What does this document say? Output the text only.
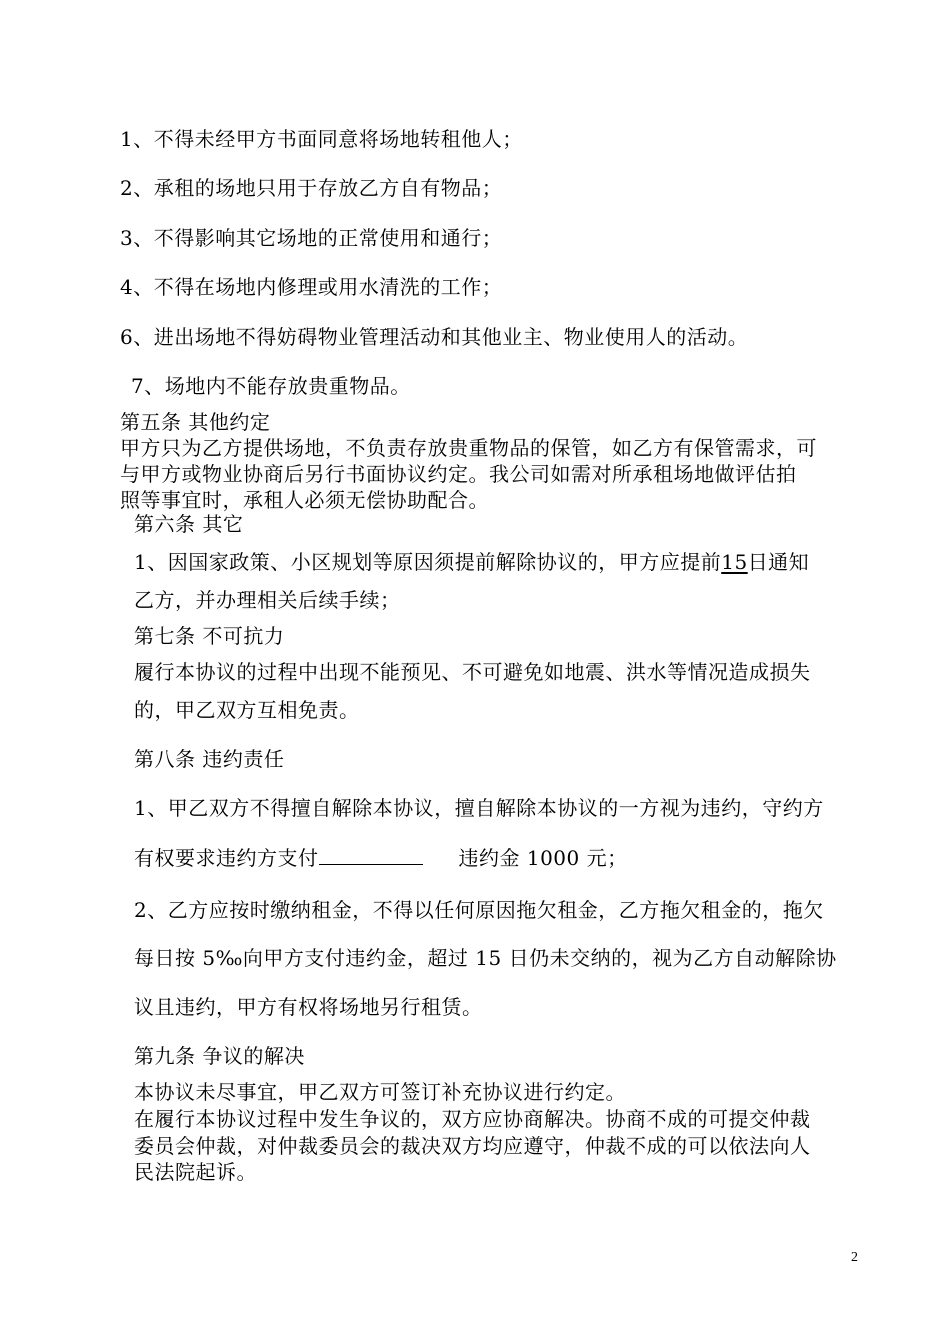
1、不得未经甲方书面同意将场地转租他人；
2、承租的场地只用于存放乙方自有物品；
3、不得影响其它场地的正常使用和通行；
4、不得在场地内修理或用水清洗的工作；
6、进出场地不得妨碍物业管理活动和其他业主、物业使用人的活动。
7、场地内不能存放贵重物品。
第五条 其他约定
甲方只为乙方提供场地，不负责存放贵重物品的保管，如乙方有保管需求，可
与甲方或物业协商后另行书面协议约定。我公司如需对所承租场地做评估拍
照等事宜时，承租人必须无偿协助配合。
第六条 其它
1、因国家政策、小区规划等原因须提前解除协议的，甲方应提前15日通知
乙方，并办理相关后续手续；
第七条 不可抗力
履行本协议的过程中出现不能预见、不可避免如地震、洪水等情况造成损失
的，甲乙双方互相免责。
第八条 违约责任
1、甲乙双方不得擅自解除本协议，擅自解除本协议的一方视为违约，守约方
有权要求违约方支付	违约金 1000 元；
2、乙方应按时缴纳租金，不得以任何原因拖欠租金，乙方拖欠租金的，拖欠
每日按 5‰向甲方支付违约金，超过 15 日仍未交纳的，视为乙方自动解除协
议且违约，甲方有权将场地另行租赁。
第九条 争议的解决
本协议未尽事宜，甲乙双方可签订补充协议进行约定。
在履行本协议过程中发生争议的，双方应协商解决。协商不成的可提交仲裁
委员会仲裁，对仲裁委员会的裁决双方均应遵守，仲裁不成的可以依法向人
民法院起诉。
2
